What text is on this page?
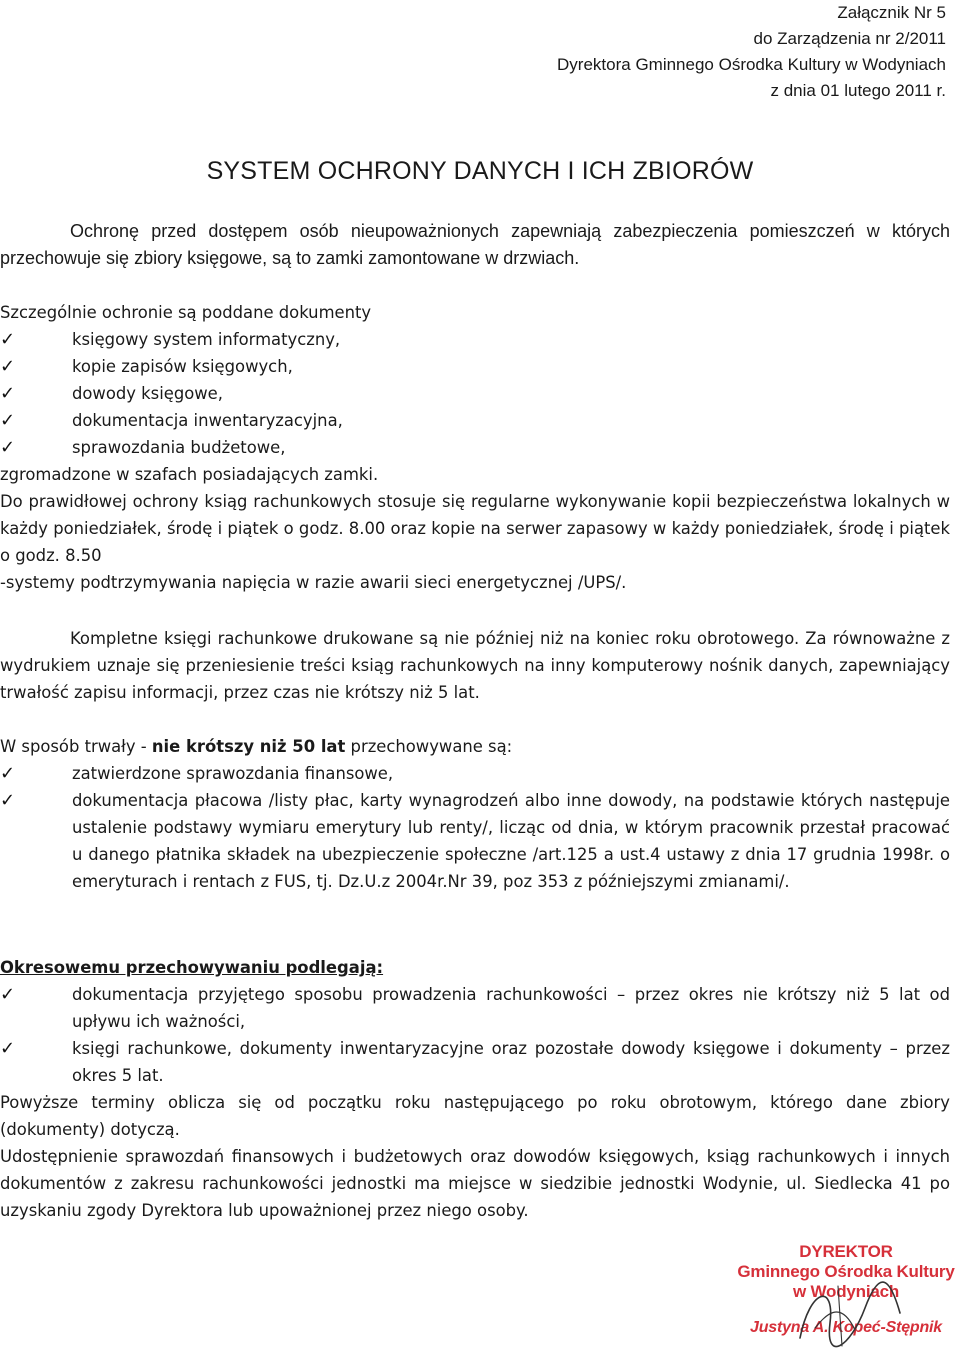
Załącznik Nr 5
do Zarządzenia nr 2/2011
Dyrektora Gminnego Ośrodka Kultury w Wodyniach
z dnia 01 lutego 2011 r.
SYSTEM OCHRONY DANYCH I ICH ZBIORÓW

Ochronę przed dostępem osób nieupoważnionych zapewniają zabezpieczenia pomieszczeń w których przechowuje się zbiory księgowe, są to zamki zamontowane w drzwiach.

Szczególnie ochronie są poddane dokumenty
✓	księgowy system informatyczny,
✓	kopie zapisów księgowych,
✓	dowody księgowe,
✓	dokumentacja inwentaryzacyjna,
✓	sprawozdania budżetowe,
zgromadzone w szafach posiadających zamki.
Do prawidłowej ochrony ksiąg rachunkowych stosuje się regularne wykonywanie kopii bezpieczeństwa lokalnych w każdy poniedziałek, środę i piątek o godz. 8.00 oraz kopie na serwer zapasowy w każdy poniedziałek, środę i piątek o godz. 8.50
-systemy podtrzymywania napięcia w razie awarii sieci energetycznej /UPS/.
Kompletne księgi rachunkowe drukowane są nie później niż na koniec roku obrotowego. Za równoważne z wydrukiem uznaje się przeniesienie treści ksiąg rachunkowych na inny komputerowy nośnik danych, zapewniający trwałość zapisu informacji, przez czas nie krótszy niż 5 lat.
W sposób trwały - nie krótszy niż 50 lat przechowywane są:
✓	zatwierdzone sprawozdania finansowe,
✓	dokumentacja płacowa /listy płac, karty wynagrodzeń albo inne dowody, na podstawie których następuje ustalenie podstawy wymiaru emerytury lub renty/, licząc od dnia, w którym pracownik przestał pracować u danego płatnika składek na ubezpieczenie społeczne /art.125 a ust.4 ustawy z dnia 17 grudnia 1998r. o emeryturach i rentach z FUS, tj. Dz.U.z 2004r.Nr 39, poz 353 z późniejszymi zmianami/.
Okresowemu przechowywaniu podlegają:
✓	dokumentacja przyjętego sposobu prowadzenia rachunkowości – przez okres nie krótszy niż 5 lat od upływu ich ważności,
✓	księgi rachunkowe, dokumenty inwentaryzacyjne oraz pozostałe dowody księgowe i dokumenty – przez okres 5 lat.
Powyższe terminy oblicza się od początku roku następującego po roku obrotowym, którego dane zbiory (dokumenty) dotyczą.
Udostępnienie sprawozdań finansowych i budżetowych oraz dowodów księgowych, ksiąg rachunkowych i innych dokumentów z zakresu rachunkowości jednostki ma miejsce w siedzibie jednostki Wodynie, ul. Siedlecka 41 po uzyskaniu zgody Dyrektora lub upoważnionej przez niego osoby.
DYREKTOR
Gminnego Ośrodka Kultury
w Wodyniach
Justyna A. Kopeć-Stępnik
